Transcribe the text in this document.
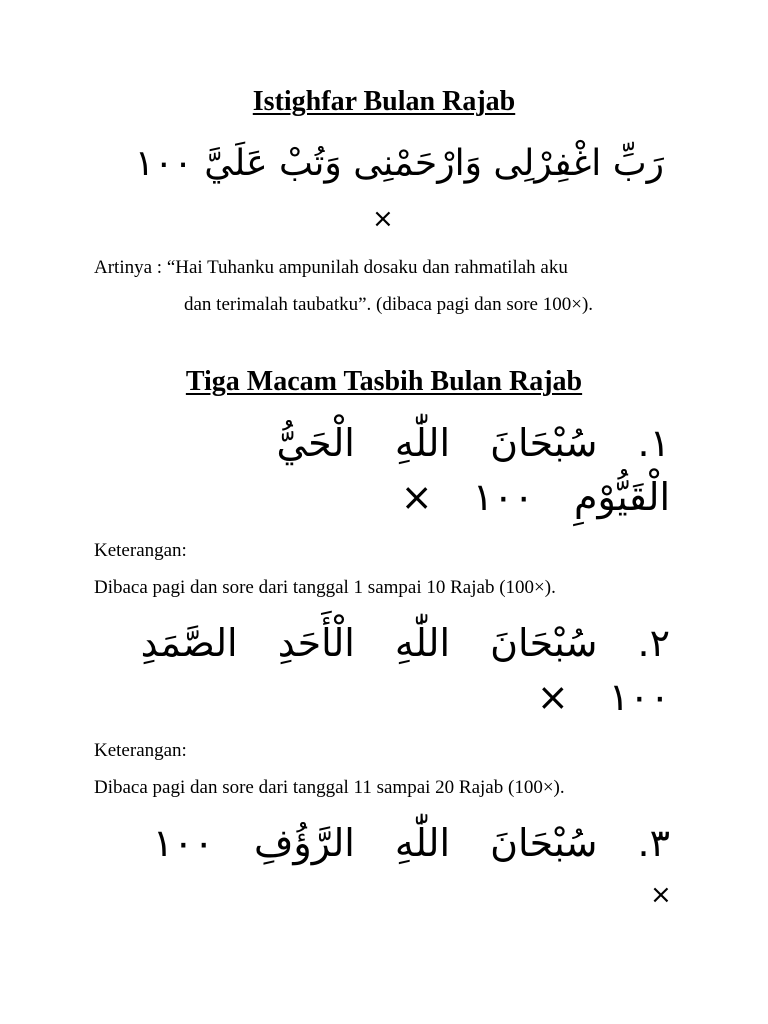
Istighfar Bulan Rajab
رَبِّ اغْفِرْلِى وَارْحَمْنِى وَتُبْ عَلَيَّ ١٠٠
×
Artinya : “Hai Tuhanku ampunilah dosaku dan rahmatilah aku
dan terimalah taubatku”. (dibaca pagi dan sore 100×).
Tiga Macam Tasbih Bulan Rajab
١. سُبْحَانَ اللّٰهِ الْحَيُّ
الْقَيُّوْمِ ١٠٠ ×
Keterangan:
Dibaca pagi dan sore dari tanggal 1 sampai 10 Rajab (100×).
٢. سُبْحَانَ اللّٰهِ الْأَحَدِ الصَّمَدِ
١٠٠ ×
Keterangan:
Dibaca pagi dan sore dari tanggal 11 sampai 20 Rajab (100×).
٣. سُبْحَانَ اللّٰهِ الرَّؤُفِ ١٠٠
×
